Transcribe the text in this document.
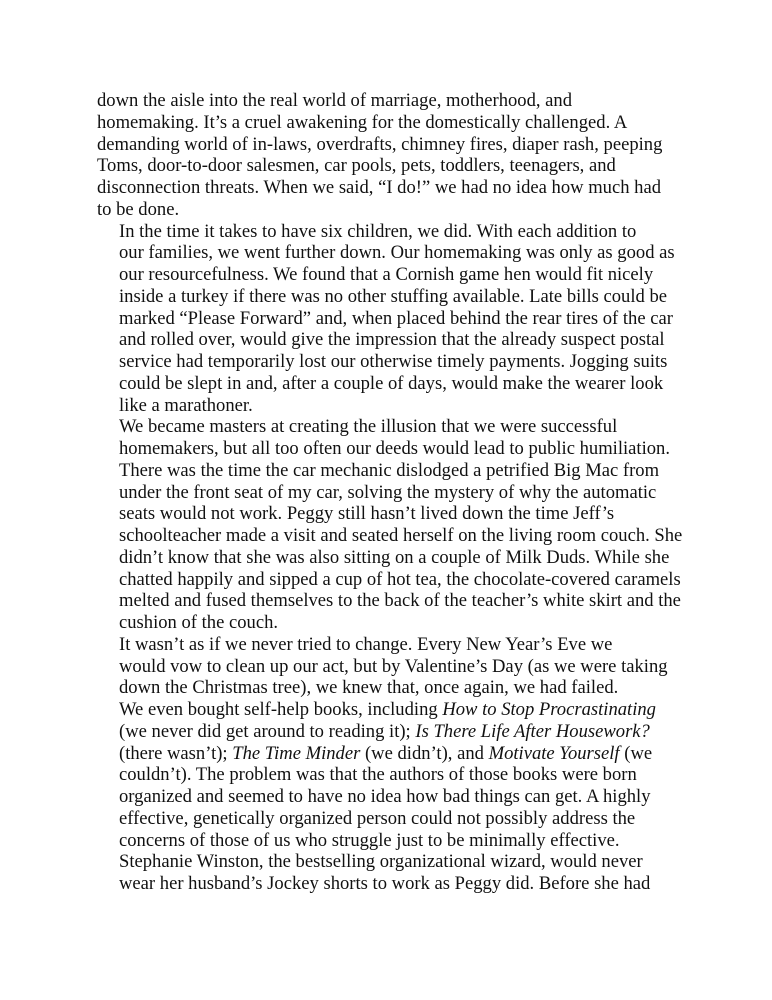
down the aisle into the real world of marriage, motherhood, and
homemaking. It’s a cruel awakening for the domestically challenged. A
demanding world of in-laws, overdrafts, chimney fires, diaper rash, peeping
Toms, door-to-door salesmen, car pools, pets, toddlers, teenagers, and
disconnection threats. When we said, “I do!” we had no idea how much had
to be done.

In the time it takes to have six children, we did. With each addition to
our families, we went further down. Our homemaking was only as good as
our resourcefulness. We found that a Cornish game hen would fit nicely
inside a turkey if there was no other stuffing available. Late bills could be
marked “Please Forward” and, when placed behind the rear tires of the car
and rolled over, would give the impression that the already suspect postal
service had temporarily lost our otherwise timely payments. Jogging suits
could be slept in and, after a couple of days, would make the wearer look
like a marathoner.

We became masters at creating the illusion that we were successful
homemakers, but all too often our deeds would lead to public humiliation.
There was the time the car mechanic dislodged a petrified Big Mac from
under the front seat of my car, solving the mystery of why the automatic
seats would not work. Peggy still hasn’t lived down the time Jeff’s
schoolteacher made a visit and seated herself on the living room couch. She
didn’t know that she was also sitting on a couple of Milk Duds. While she
chatted happily and sipped a cup of hot tea, the chocolate-covered caramels
melted and fused themselves to the back of the teacher’s white skirt and the
cushion of the couch.

It wasn’t as if we never tried to change. Every New Year’s Eve we
would vow to clean up our act, but by Valentine’s Day (as we were taking
down the Christmas tree), we knew that, once again, we had failed.

We even bought self-help books, including How to Stop Procrastinating
(we never did get around to reading it); Is There Life After Housework?
(there wasn’t); The Time Minder (we didn’t), and Motivate Yourself (we
couldn’t). The problem was that the authors of those books were born
organized and seemed to have no idea how bad things can get. A highly
effective, genetically organized person could not possibly address the
concerns of those of us who struggle just to be minimally effective.

Stephanie Winston, the bestselling organizational wizard, would never
wear her husband’s Jockey shorts to work as Peggy did. Before she had
